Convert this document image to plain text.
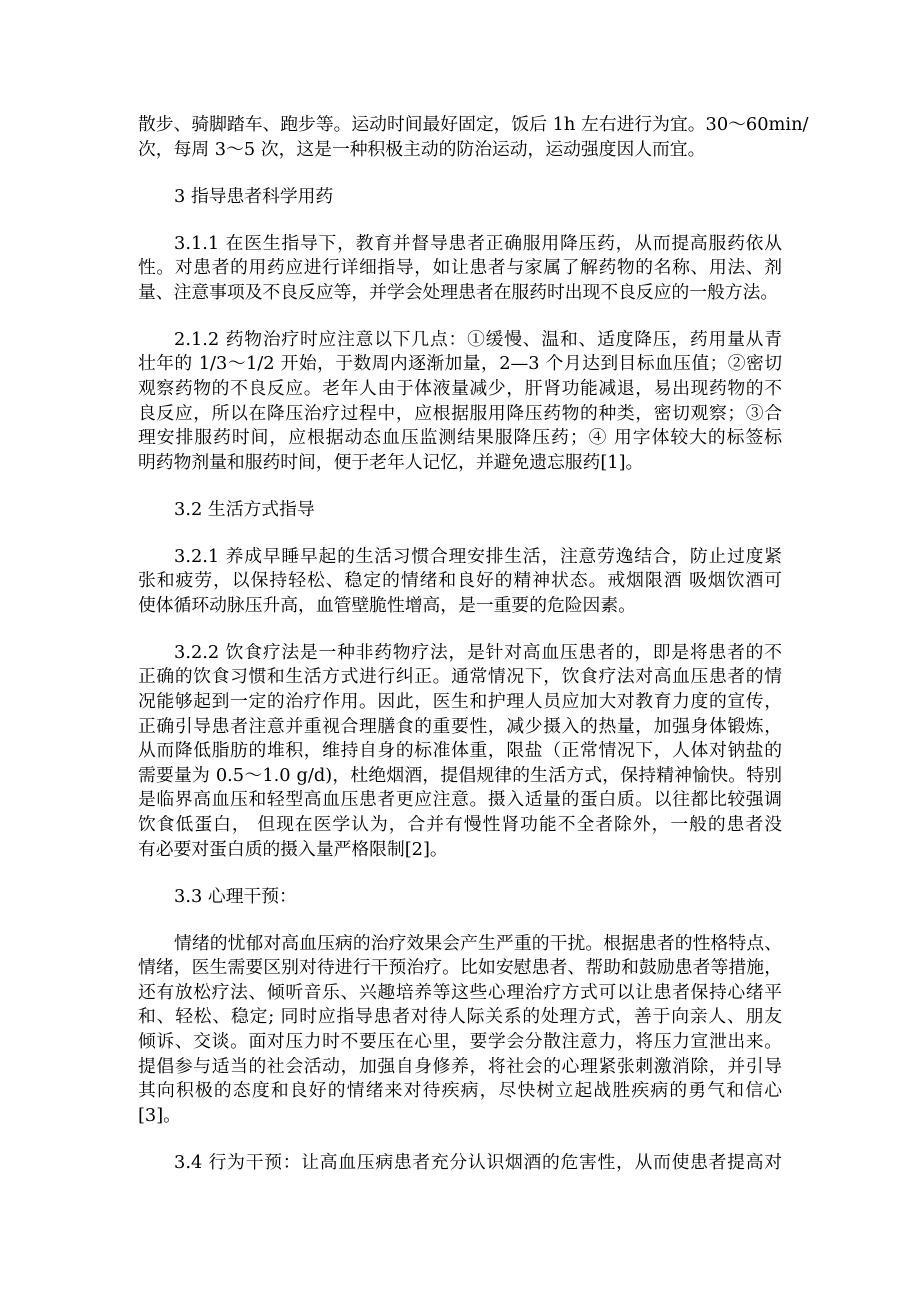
散步、骑脚踏车、跑步等。运动时间最好固定，饭后 1h 左右进行为宜。30～60min/
次，每周 3～5 次，这是一种积极主动的防治运动，运动强度因人而宜。
3 指导患者科学用药
3.1.1 在医生指导下，教育并督导患者正确服用降压药，从而提高服药依从
性。对患者的用药应进行详细指导，如让患者与家属了解药物的名称、用法、剂
量、注意事项及不良反应等，并学会处理患者在服药时出现不良反应的一般方法。
2.1.2 药物治疗时应注意以下几点：①缓慢、温和、适度降压，药用量从青
壮年的 1/3～1/2 开始，于数周内逐渐加量，2—3 个月达到目标血压值；②密切
观察药物的不良反应。老年人由于体液量减少，肝肾功能减退，易出现药物的不
良反应，所以在降压治疗过程中，应根据服用降压药物的种类，密切观察；③合
理安排服药时间，应根据动态血压监测结果服降压药；④ 用字体较大的标签标
明药物剂量和服药时间，便于老年人记忆，并避免遗忘服药[1]。
3.2 生活方式指导
3.2.1 养成早睡早起的生活习惯合理安排生活，注意劳逸结合，防止过度紧
张和疲劳，以保持轻松、稳定的情绪和良好的精神状态。戒烟限酒 吸烟饮酒可
使体循环动脉压升高，血管壁脆性增高，是一重要的危险因素。
3.2.2 饮食疗法是一种非药物疗法，是针对高血压患者的，即是将患者的不
正确的饮食习惯和生活方式进行纠正。通常情况下，饮食疗法对高血压患者的情
况能够起到一定的治疗作用。因此，医生和护理人员应加大对教育力度的宣传，
正确引导患者注意并重视合理膳食的重要性，减少摄入的热量，加强身体锻炼，
从而降低脂肪的堆积，维持自身的标准体重，限盐（正常情况下，人体对钠盐的
需要量为 0.5～1.0 g/d)，杜绝烟酒，提倡规律的生活方式，保持精神愉快。特别
是临界高血压和轻型高血压患者更应注意。摄入适量的蛋白质。以往都比较强调
饮食低蛋白， 但现在医学认为，合并有慢性肾功能不全者除外，一般的患者没
有必要对蛋白质的摄入量严格限制[2]。
3.3 心理干预：
情绪的忧郁对高血压病的治疗效果会产生严重的干扰。根据患者的性格特点、
情绪，医生需要区别对待进行干预治疗。比如安慰患者、帮助和鼓励患者等措施，
还有放松疗法、倾听音乐、兴趣培养等这些心理治疗方式可以让患者保持心绪平
和、轻松、稳定; 同时应指导患者对待人际关系的处理方式，善于向亲人、朋友
倾诉、交谈。面对压力时不要压在心里，要学会分散注意力，将压力宣泄出来。
提倡参与适当的社会活动，加强自身修养，将社会的心理紧张刺激消除，并引导
其向积极的态度和良好的情绪来对待疾病，尽快树立起战胜疾病的勇气和信心
[3]。
3.4 行为干预：让高血压病患者充分认识烟酒的危害性，从而使患者提高对
